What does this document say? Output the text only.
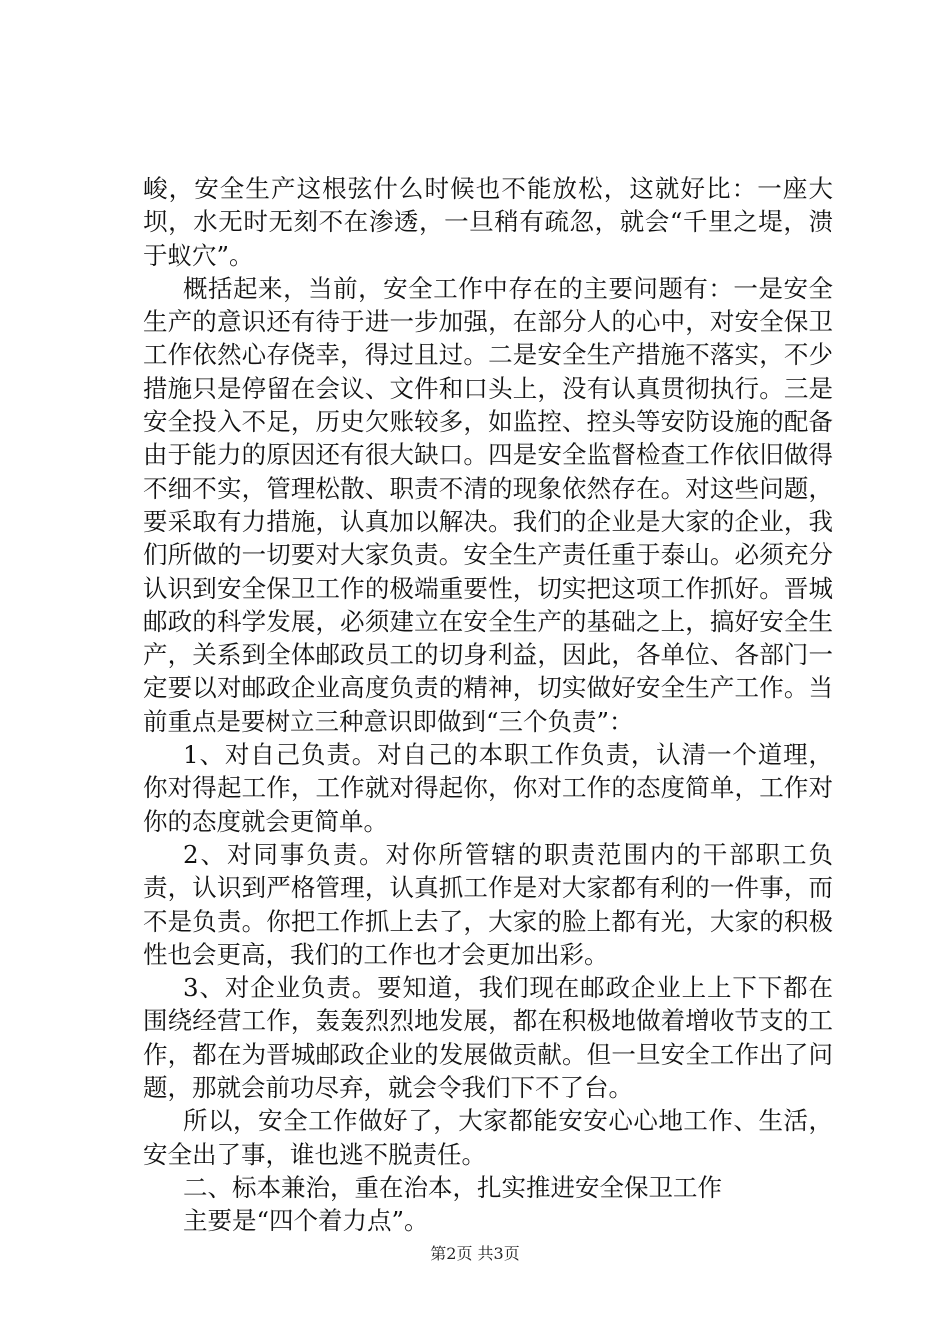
峻，安全生产这根弦什么时候也不能放松，这就好比：一座大坝，水无时无刻不在渗透，一旦稍有疏忽，就会“千里之堤，溃于蚁穴”。

概括起来，当前，安全工作中存在的主要问题有：一是安全生产的意识还有待于进一步加强，在部分人的心中，对安全保卫工作依然心存侥幸，得过且过。二是安全生产措施不落实，不少措施只是停留在会议、文件和口头上，没有认真贯彻执行。三是安全投入不足，历史欠账较多，如监控、控头等安防设施的配备由于能力的原因还有很大缺口。四是安全监督检查工作依旧做得不细不实，管理松散、职责不清的现象依然存在。对这些问题，要采取有力措施，认真加以解决。我们的企业是大家的企业，我们所做的一切要对大家负责。安全生产责任重于泰山。必须充分认识到安全保卫工作的极端重要性，切实把这项工作抓好。晋城邮政的科学发展，必须建立在安全生产的基础之上，搞好安全生产，关系到全体邮政员工的切身利益，因此，各单位、各部门一定要以对邮政企业高度负责的精神，切实做好安全生产工作。当前重点是要树立三种意识即做到“三个负责”：

1、对自己负责。对自己的本职工作负责，认清一个道理，你对得起工作，工作就对得起你，你对工作的态度简单，工作对你的态度就会更简单。

2、对同事负责。对你所管辖的职责范围内的干部职工负责，认识到严格管理，认真抓工作是对大家都有利的一件事，而不是负责。你把工作抓上去了，大家的脸上都有光，大家的积极性也会更高，我们的工作也才会更加出彩。

3、对企业负责。要知道，我们现在邮政企业上上下下都在围绕经营工作，轰轰烈烈地发展，都在积极地做着增收节支的工作，都在为晋城邮政企业的发展做贡献。但一旦安全工作出了问题，那就会前功尽弃，就会令我们下不了台。

所以，安全工作做好了，大家都能安安心心地工作、生活，安全出了事，谁也逃不脱责任。

二、标本兼治，重在治本，扎实推进安全保卫工作

主要是“四个着力点”。

第2页 共3页
